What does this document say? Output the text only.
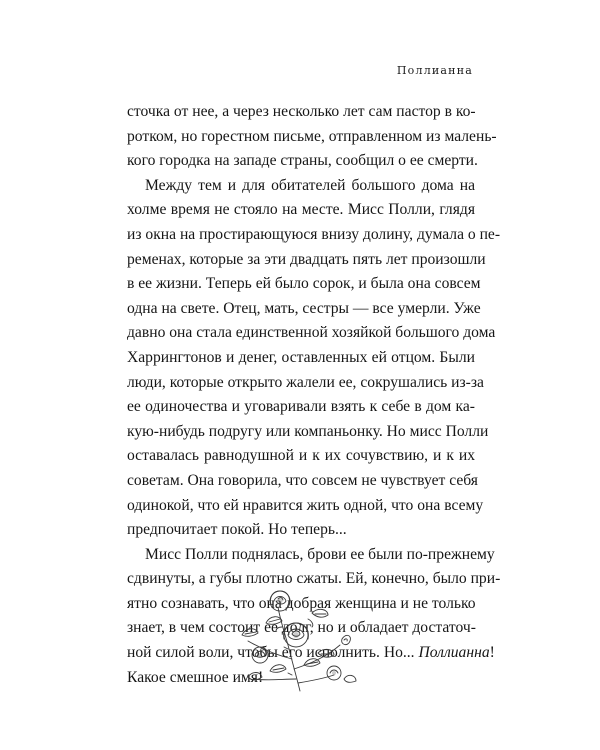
Поллианна
сточка от нее, а через несколько лет сам пастор в ко-
ротком, но горестном письме, отправленном из малень-
кого городка на западе страны, сообщил о ее смерти.
Между тем и для обитателей большого дома на
холме время не стояло на месте. Мисс Полли, глядя
из окна на простирающуюся внизу долину, думала о пе-
ременах, которые за эти двадцать пять лет произошли
в ее жизни. Теперь ей было сорок, и была она совсем
одна на свете. Отец, мать, сестры — все умерли. Уже
давно она стала единственной хозяйкой большого дома
Харрингтонов и денег, оставленных ей отцом. Были
люди, которые открыто жалели ее, сокрушались из-за
ее одиночества и уговаривали взять к себе в дом ка-
кую-нибудь подругу или компаньонку. Но мисс Полли
оставалась равнодушной и к их сочувствию, и к их
советам. Она говорила, что совсем не чувствует себя
одинокой, что ей нравится жить одной, что она всему
предпочитает покой. Но теперь...
Мисс Полли поднялась, брови ее были по-прежнему
сдвинуты, а губы плотно сжаты. Ей, конечно, было при-
ятно сознавать, что она добрая женщина и не только
знает, в чем состоит ее долг, но и обладает достаточ-
ной силой воли, чтобы его исполнить. Но... Поллианна!
Какое смешное имя!
